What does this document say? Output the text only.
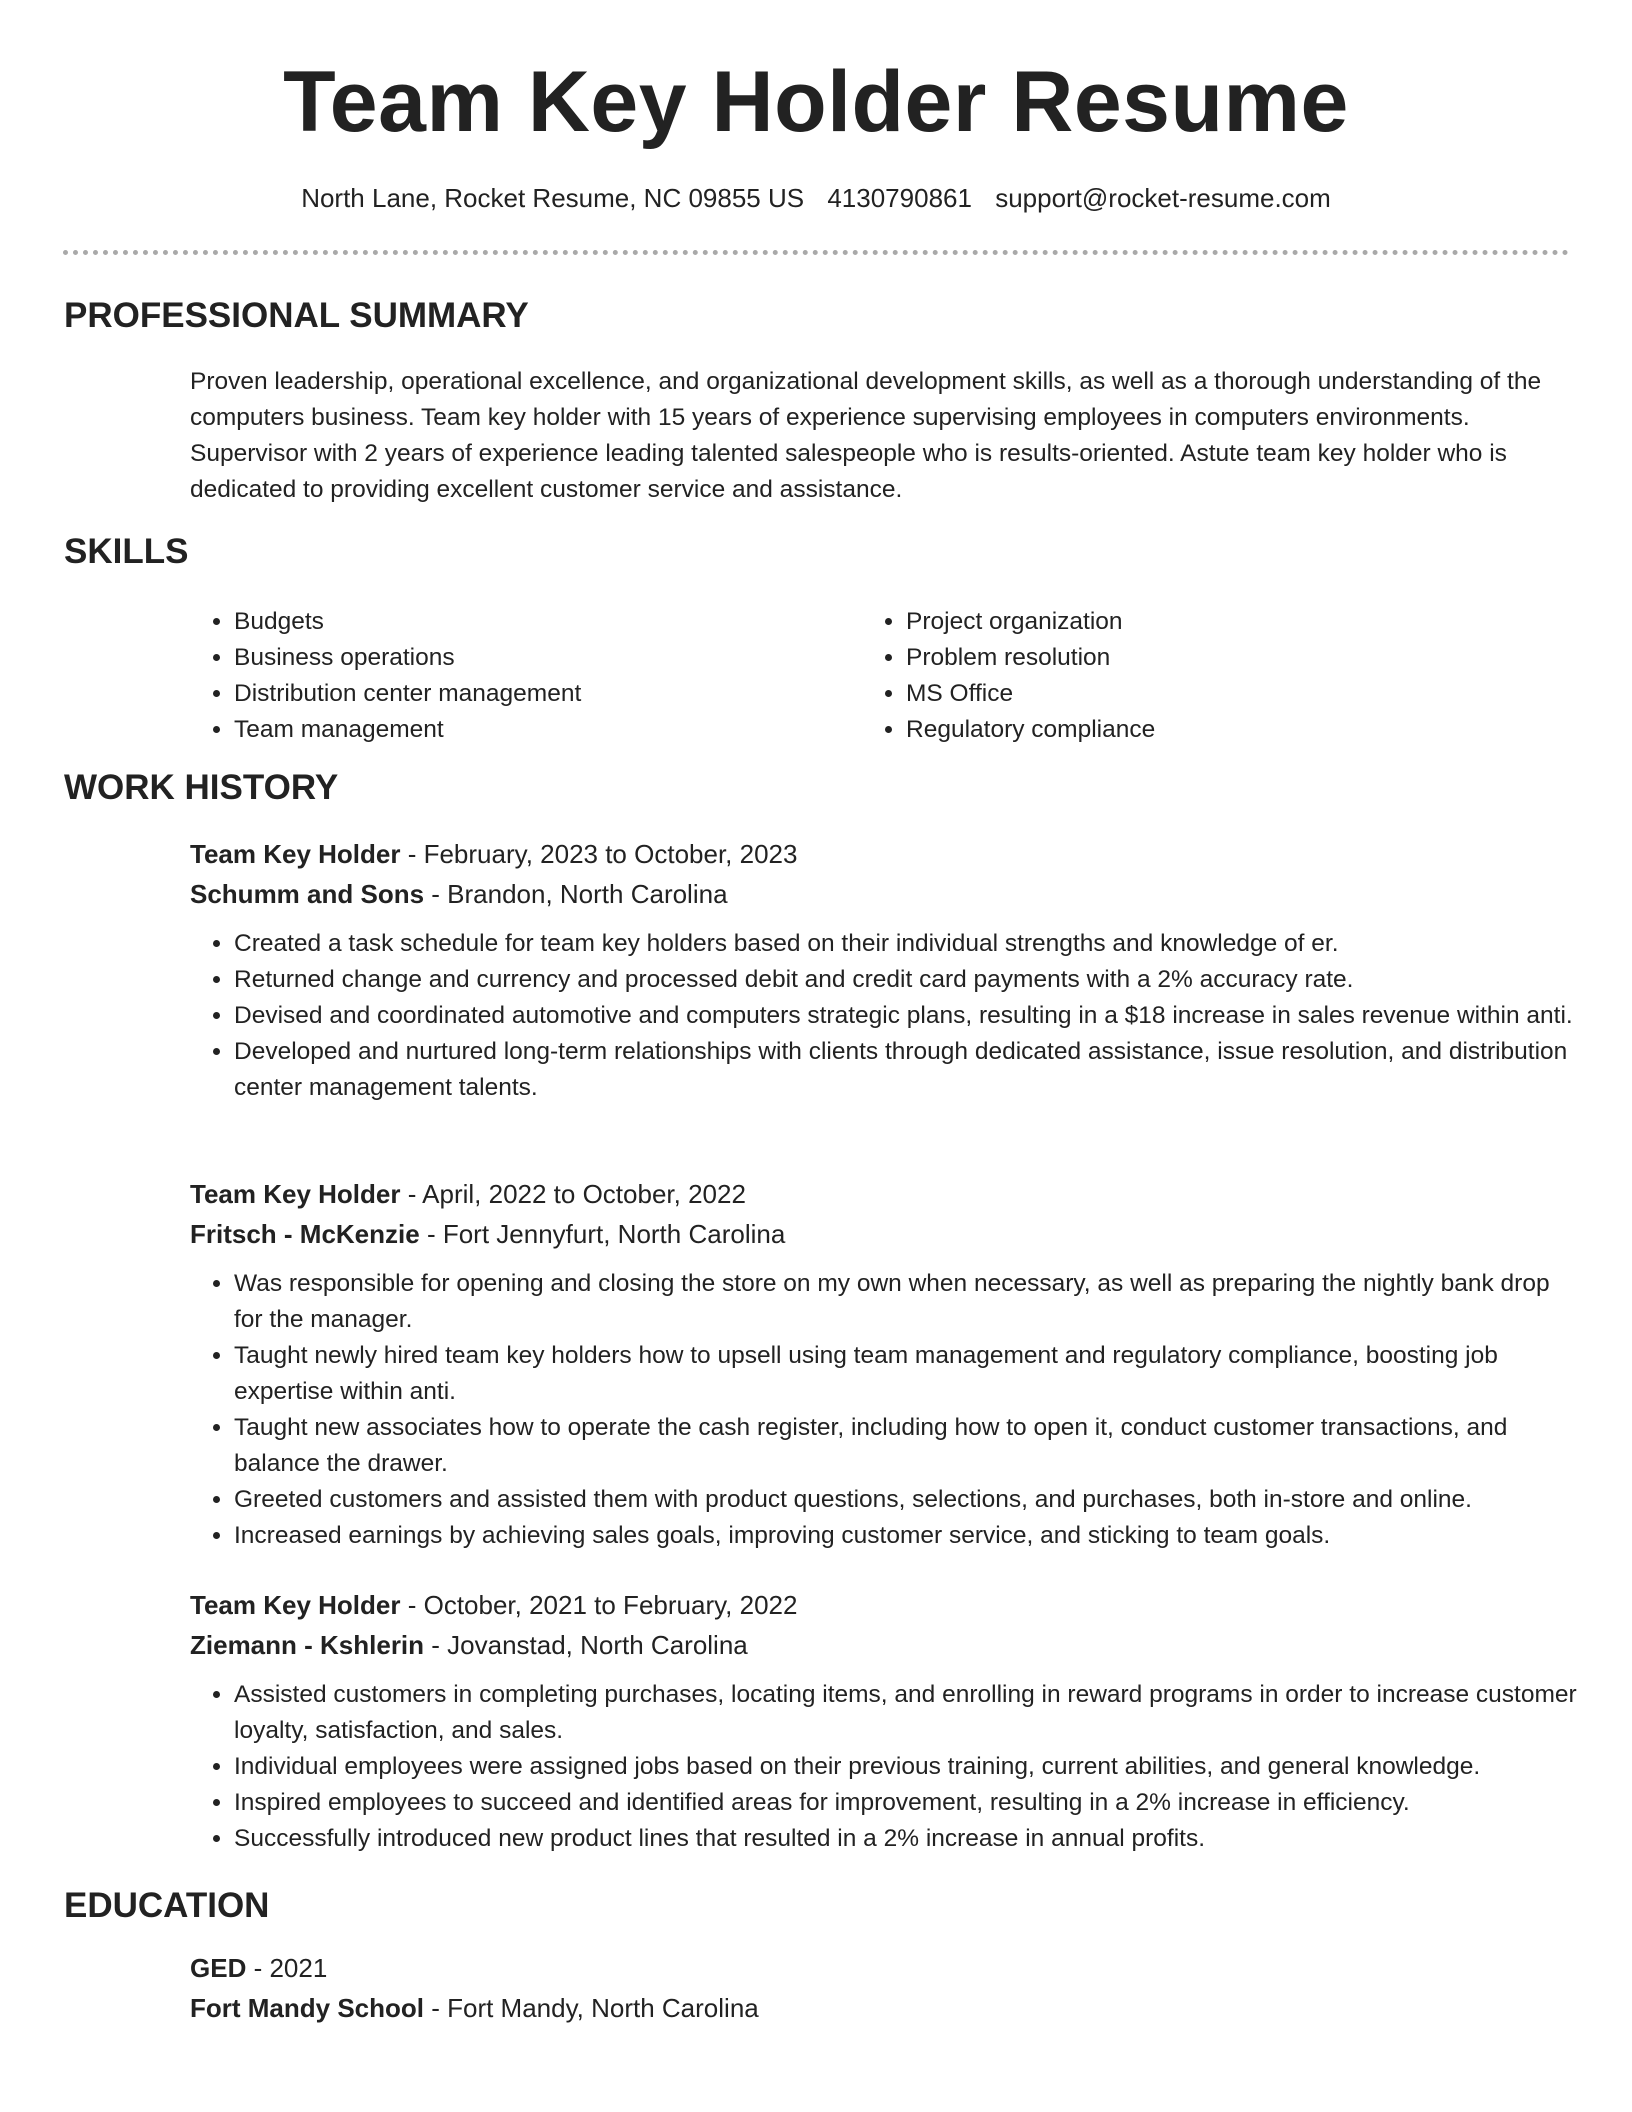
Team Key Holder Resume
North Lane, Rocket Resume, NC 09855 US 4130790861 support@rocket-resume.com
PROFESSIONAL SUMMARY

Proven leadership, operational excellence, and organizational development skills, as well as a thorough understanding of the computers business. Team key holder with 15 years of experience supervising employees in computers environments. Supervisor with 2 years of experience leading talented salespeople who is results-oriented. Astute team key holder who is dedicated to providing excellent customer service and assistance.

SKILLS
• Budgets
• Business operations
• Distribution center management
• Team management
• Project organization
• Problem resolution
• MS Office
• Regulatory compliance
WORK HISTORY
Team Key Holder - February, 2023 to October, 2023
Schumm and Sons - Brandon, North Carolina
• Created a task schedule for team key holders based on their individual strengths and knowledge of er.
• Returned change and currency and processed debit and credit card payments with a 2% accuracy rate.
• Devised and coordinated automotive and computers strategic plans, resulting in a $18 increase in sales revenue within anti.
• Developed and nurtured long-term relationships with clients through dedicated assistance, issue resolution, and distribution center management talents.
Team Key Holder - April, 2022 to October, 2022
Fritsch - McKenzie - Fort Jennyfurt, North Carolina
• Was responsible for opening and closing the store on my own when necessary, as well as preparing the nightly bank drop for the manager.
• Taught newly hired team key holders how to upsell using team management and regulatory compliance, boosting job expertise within anti.
• Taught new associates how to operate the cash register, including how to open it, conduct customer transactions, and balance the drawer.
• Greeted customers and assisted them with product questions, selections, and purchases, both in-store and online.
• Increased earnings by achieving sales goals, improving customer service, and sticking to team goals.
Team Key Holder - October, 2021 to February, 2022
Ziemann - Kshlerin - Jovanstad, North Carolina
• Assisted customers in completing purchases, locating items, and enrolling in reward programs in order to increase customer loyalty, satisfaction, and sales.
• Individual employees were assigned jobs based on their previous training, current abilities, and general knowledge.
• Inspired employees to succeed and identified areas for improvement, resulting in a 2% increase in efficiency.
• Successfully introduced new product lines that resulted in a 2% increase in annual profits.
EDUCATION
GED - 2021
Fort Mandy School - Fort Mandy, North Carolina
